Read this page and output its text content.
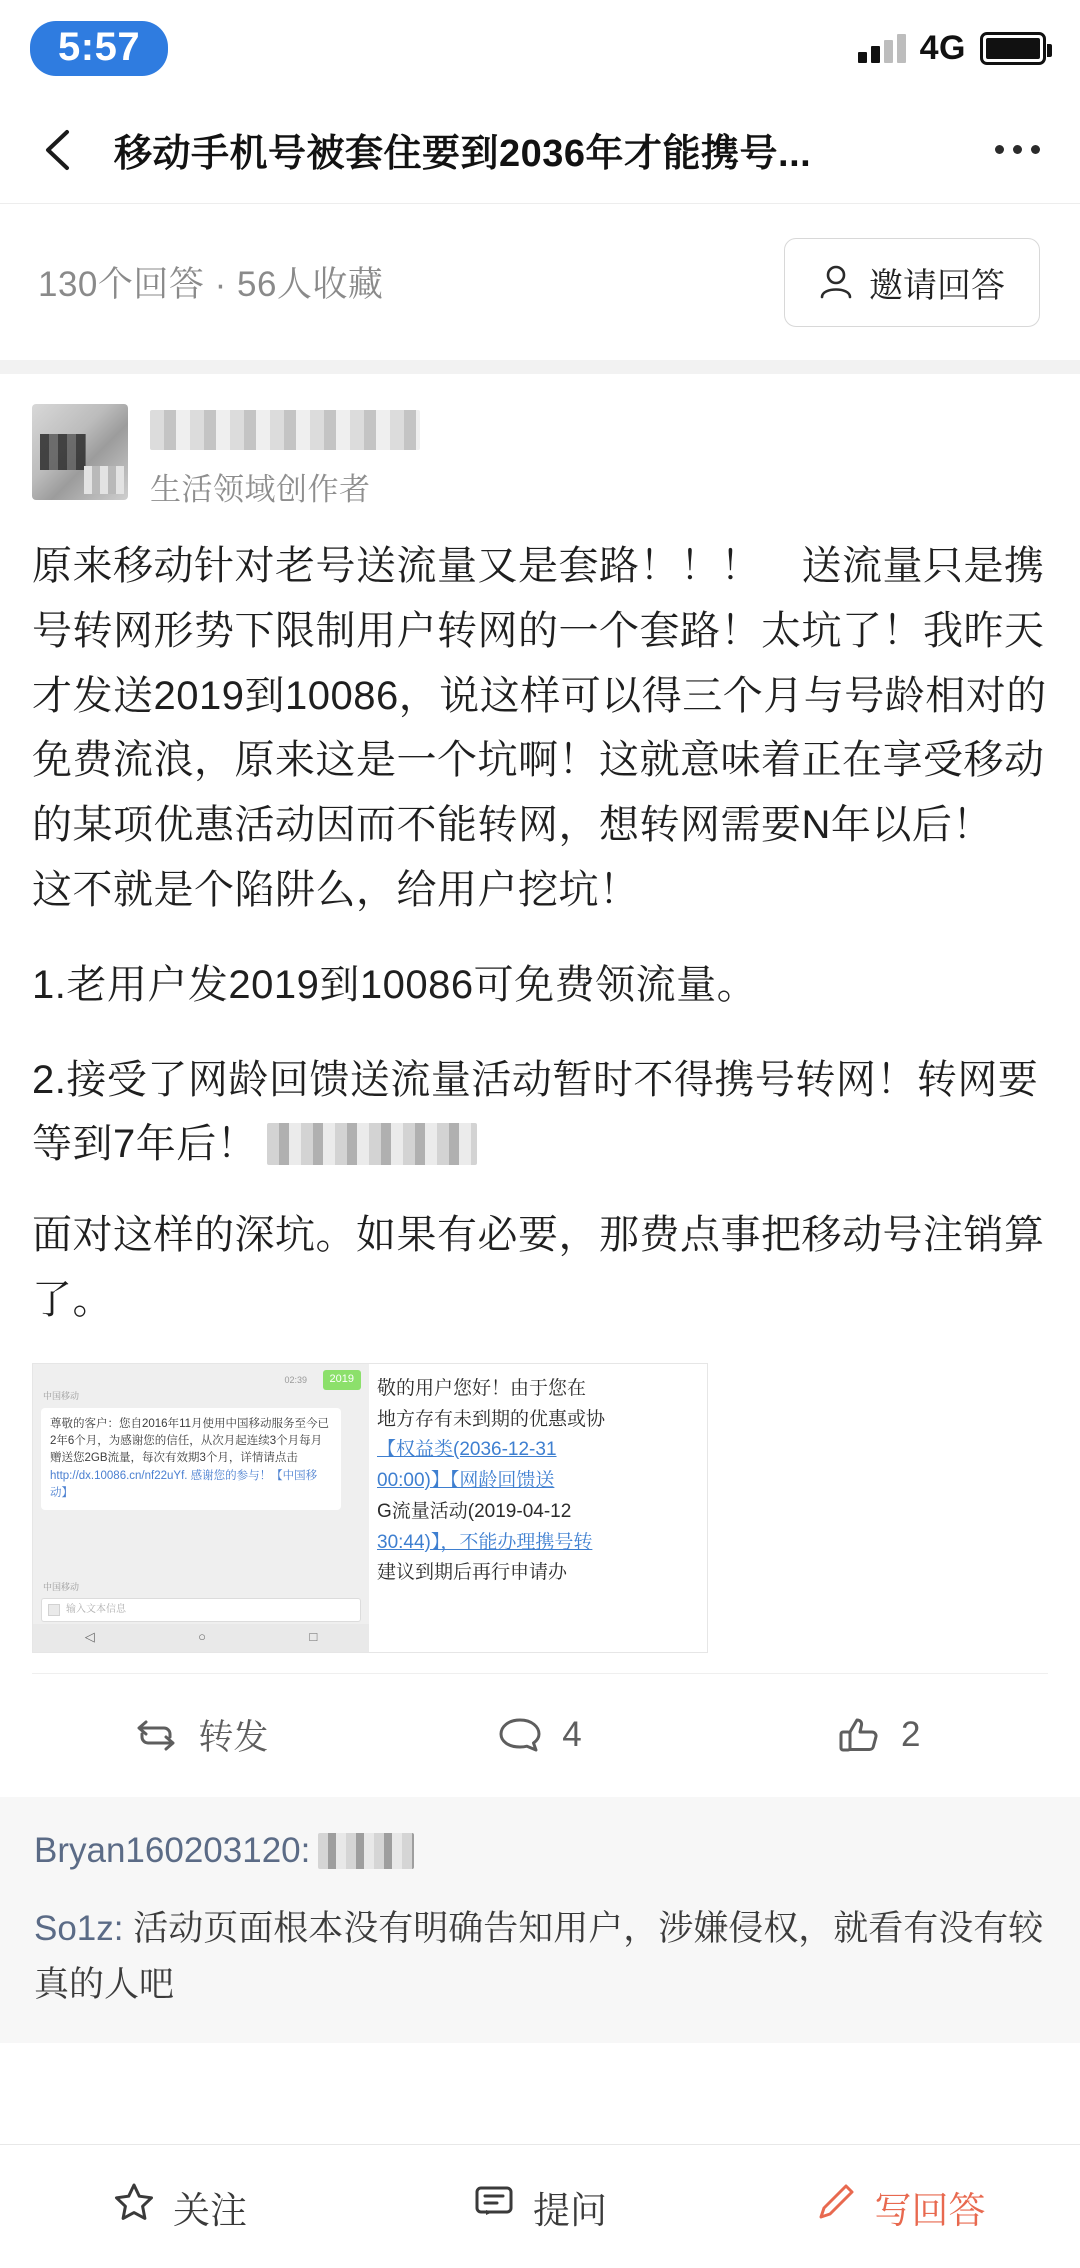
5:57	4G
移动手机号被套住要到2036年才能携号...
130个回答 · 56人收藏	邀请回答
生活领域创作者

原来移动针对老号送流量又是套路！！！　送流量只是携号转网形势下限制用户转网的一个套路！太坑了！我昨天才发送2019到10086，说这样可以得三个月与号龄相对的免费流浪，原来这是一个坑啊！这就意味着正在享受移动的某项优惠活动因而不能转网，想转网需要N年以后！　这不就是个陷阱么，给用户挖坑！

1.老用户发2019到10086可免费领流量。

2.接受了网龄回馈送流量活动暂时不得携号转网！转网要等到7年后！

面对这样的深坑。如果有必要，那费点事把移动号注销算了。

2019
中国移动
02:39
尊敬的客户：您自2016年11月使用中国移动服务至今已2年6个月，为感谢您的信任，从次月起连续3个月每月赠送您2GB流量，每次有效期3个月，详情请点击 http://dx.10086.cn/nf22uYf. 感谢您的参与！【中国移动】
中国移动
输入文本信息
◁	○	□
敬的用户您好！由于您在
地方存有未到期的优惠或协
【权益类(2036-12-31
00:00)】【网龄回馈送
G流量活动(2019-04-12
30:44)】，不能办理携号转
建议到期后再行申请办
转发	4	2
Bryan160203120:
So1z: 活动页面根本没有明确告知用户，涉嫌侵权，就看有没有较真的人吧
关注	提问	写回答
